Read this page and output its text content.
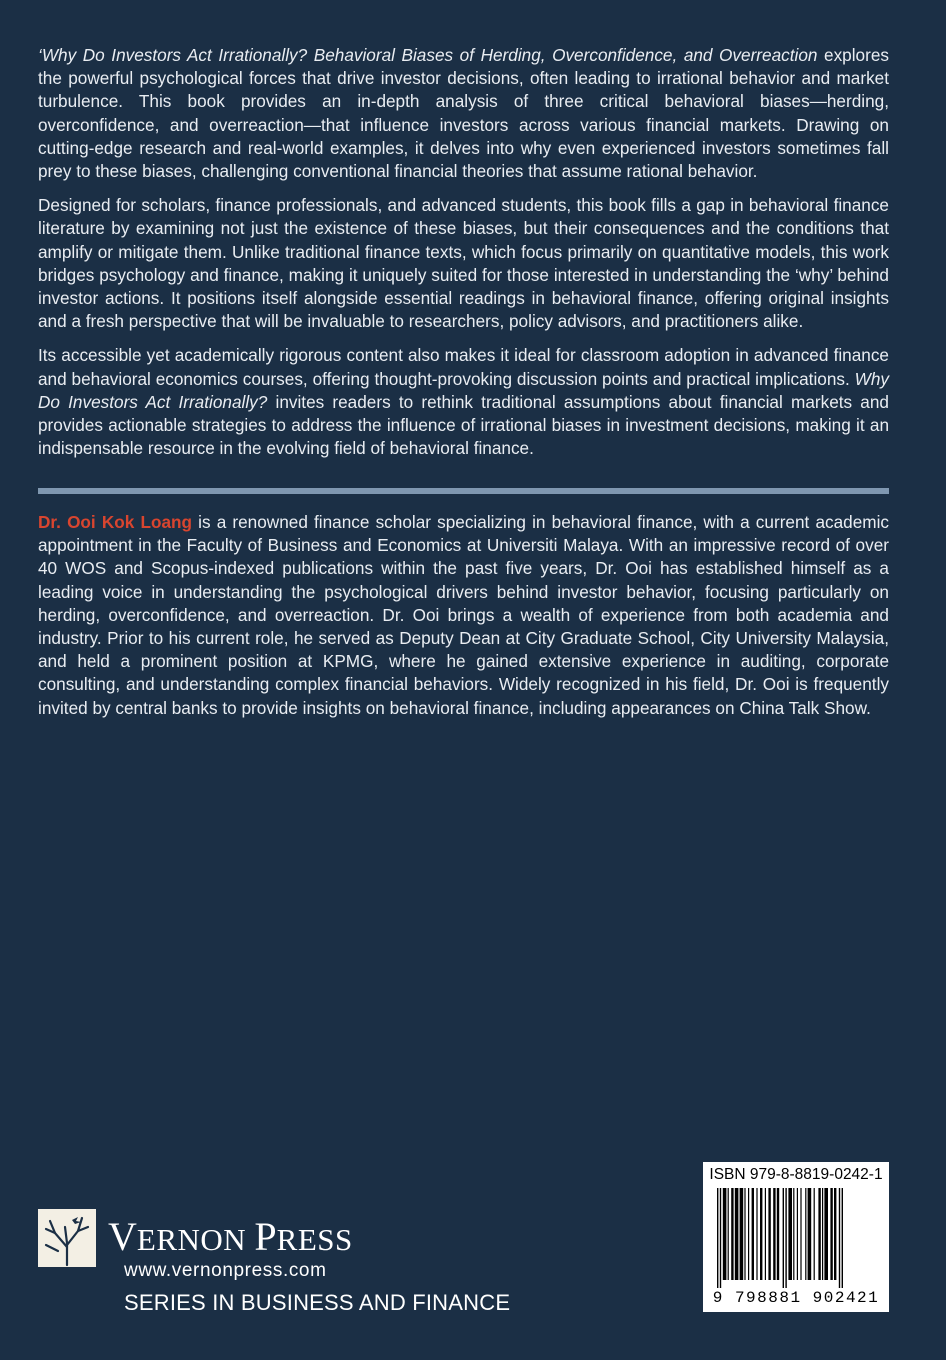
‘Why Do Investors Act Irrationally? Behavioral Biases of Herding, Overconfidence, and Overreaction explores the powerful psychological forces that drive investor decisions, often leading to irrational behavior and market turbulence. This book provides an in-depth analysis of three critical behavioral biases—herding, overconfidence, and overreaction—that influence investors across various financial markets. Drawing on cutting-edge research and real-world examples, it delves into why even experienced investors sometimes fall prey to these biases, challenging conventional financial theories that assume rational behavior.

Designed for scholars, finance professionals, and advanced students, this book fills a gap in behavioral finance literature by examining not just the existence of these biases, but their consequences and the conditions that amplify or mitigate them. Unlike traditional finance texts, which focus primarily on quantitative models, this work bridges psychology and finance, making it uniquely suited for those interested in understanding the ‘why’ behind investor actions. It positions itself alongside essential readings in behavioral finance, offering original insights and a fresh perspective that will be invaluable to researchers, policy advisors, and practitioners alike.

Its accessible yet academically rigorous content also makes it ideal for classroom adoption in advanced finance and behavioral economics courses, offering thought-provoking discussion points and practical implications. Why Do Investors Act Irrationally? invites readers to rethink traditional assumptions about financial markets and provides actionable strategies to address the influence of irrational biases in investment decisions, making it an indispensable resource in the evolving field of behavioral finance.

Dr. Ooi Kok Loang is a renowned finance scholar specializing in behavioral finance, with a current academic appointment in the Faculty of Business and Economics at Universiti Malaya. With an impressive record of over 40 WOS and Scopus-indexed publications within the past five years, Dr. Ooi has established himself as a leading voice in understanding the psychological drivers behind investor behavior, focusing particularly on herding, overconfidence, and overreaction. Dr. Ooi brings a wealth of experience from both academia and industry. Prior to his current role, he served as Deputy Dean at City Graduate School, City University Malaysia, and held a prominent position at KPMG, where he gained extensive experience in auditing, corporate consulting, and understanding complex financial behaviors. Widely recognized in his field, Dr. Ooi is frequently invited by central banks to provide insights on behavioral finance, including appearances on China Talk Show.

VERNON PRESS
www.vernonpress.com
SERIES IN BUSINESS AND FINANCE
ISBN 979-8-8819-0242-1
9 798881 902421
